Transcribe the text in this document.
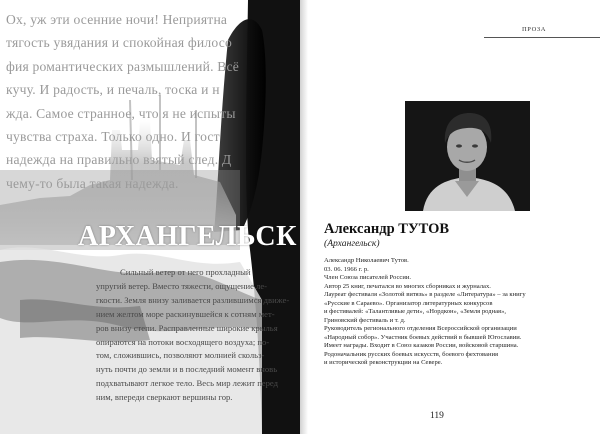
Ох, уж эти осенние ночи! Неприятна
тягость увядания и спокойная филосо
фия романтических размышлений. Всё
кучу. И радость, и печаль, тоска и н
жда. Самое странное, что я не испыты
чувства страха. Только одно. И гост
надежда на правильно взятый след. Д
чему-то была такая надежда.
АРХАНГЕЛЬСК
Сильный ветер от него прохладный
упругий ветер. Вместо тяжести, ощущение ле-
гкости. Земля внизу заливается разлившимся движе-
нием желтом море раскинувшейся к сотням мет-
ров внизу степи. Расправленные широкие крылья
опираются на потоки восходящего воздуха; по-
том, сложившись, позволяют молнией скольз-
нуть почти до земли и в последний момент вновь
подхватывают легкое тело. Весь мир лежит перед
ним, впереди сверкают вершины гор.
ПРОЗА
Александр ТУТОВ
(Архангельск)
Александр Николаевич Тутов.
03. 06. 1966 г. р.
Член Союза писателей России.
Автор 25 книг, печатался во многих сборниках и журналах.
Лауреат фестиваля «Золотой витязь» в разделе «Литература» – за книгу
«Русские в Сараево». Организатор литературных конкурсов
и фестивалей: «Талантливые дети», «Нордкон», «Земля родная»,
Гриновский фестиваль и т. д.
Руководитель регионального отделения Всероссийской организации
«Народный собор». Участник боевых действий в бывшей Югославии.
Имеет награды. Входит в Союз казаков России, войсковой старшина.
Родоначальник русских боевых искусств, боевого фехтования
и исторической реконструкции на Севере.
119
